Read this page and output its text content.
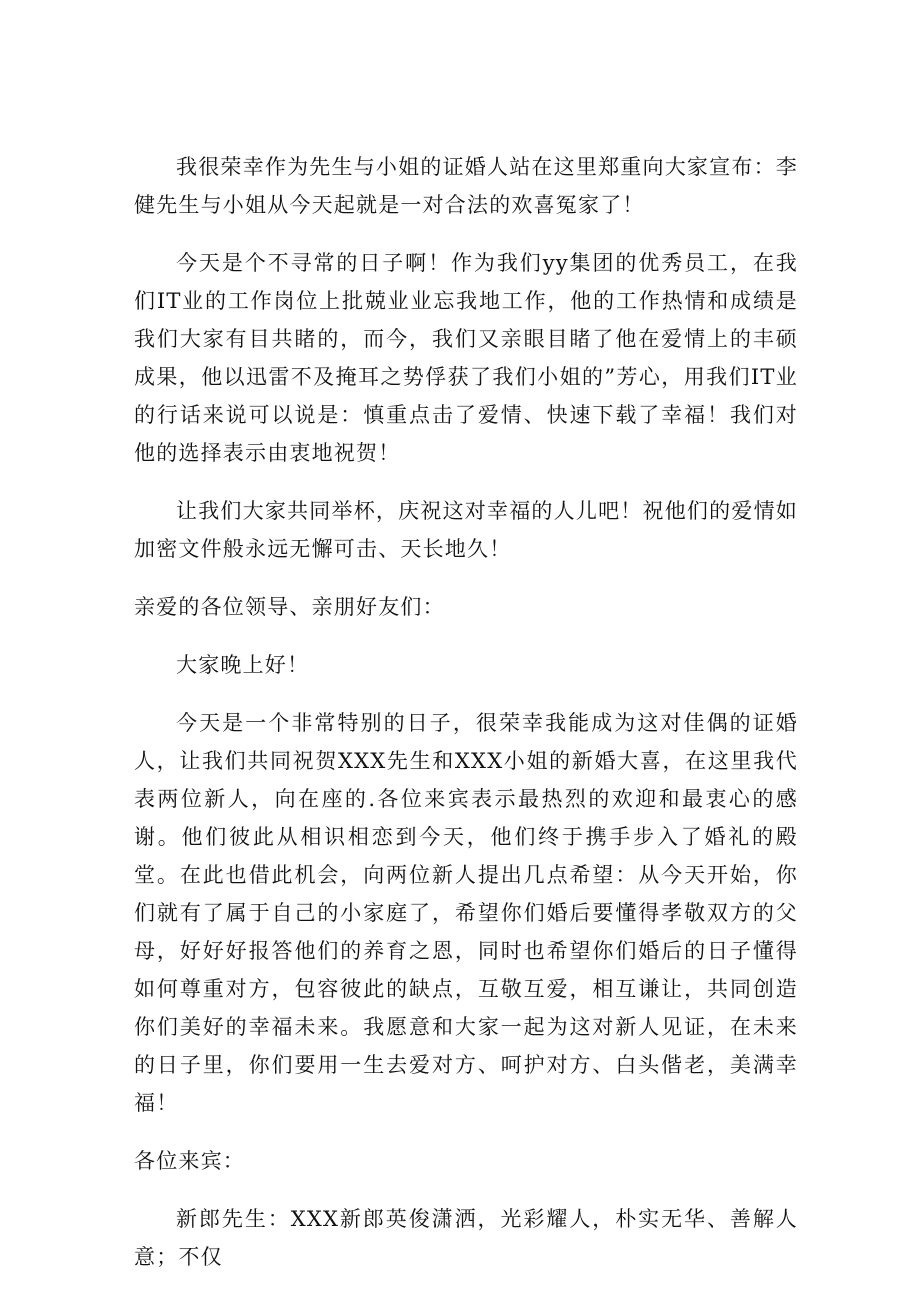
我很荣幸作为先生与小姐的证婚人站在这里郑重向大家宣布：李健先生与小姐从今天起就是一对合法的欢喜冤家了！

今天是个不寻常的日子啊！作为我们yy集团的优秀员工，在我们IT业的工作岗位上批兢业业忘我地工作，他的工作热情和成绩是我们大家有目共睹的，而今，我们又亲眼目睹了他在爱情上的丰硕成果，他以迅雷不及掩耳之势俘获了我们小姐的”芳心，用我们IT业的行话来说可以说是：慎重点击了爱情、快速下载了幸福！我们对他的选择表示由衷地祝贺！

让我们大家共同举杯，庆祝这对幸福的人儿吧！祝他们的爱情如加密文件般永远无懈可击、天长地久！

亲爱的各位领导、亲朋好友们：

大家晚上好！

今天是一个非常特别的日子，很荣幸我能成为这对佳偶的证婚人，让我们共同祝贺XXX先生和XXX小姐的新婚大喜，在这里我代表两位新人，向在座的.各位来宾表示最热烈的欢迎和最衷心的感谢。他们彼此从相识相恋到今天，他们终于携手步入了婚礼的殿堂。在此也借此机会，向两位新人提出几点希望：从今天开始，你们就有了属于自己的小家庭了，希望你们婚后要懂得孝敬双方的父母，好好好报答他们的养育之恩，同时也希望你们婚后的日子懂得如何尊重对方，包容彼此的缺点，互敬互爱，相互谦让，共同创造你们美好的幸福未来。我愿意和大家一起为这对新人见证，在未来的日子里，你们要用一生去爱对方、呵护对方、白头偕老，美满幸福！

各位来宾：

新郎先生：XXX新郎英俊潇洒，光彩耀人，朴实无华、善解人意；不仅
